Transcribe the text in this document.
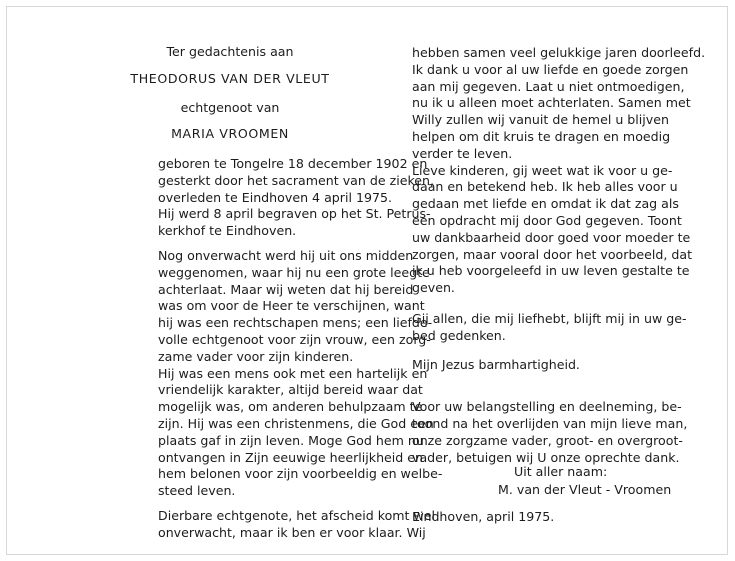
Ter gedachtenis aan
THEODORUS VAN DER VLEUT
echtgenoot van
MARIA VROOMEN
geboren te Tongelre 18 december 1902 en
gesterkt door het sacrament van de zieken,
overleden te Eindhoven 4 april 1975.
Hij werd 8 april begraven op het St. Petrus-
kerkhof te Eindhoven.
Nog onverwacht werd hij uit ons midden
weggenomen, waar hij nu een grote leegte
achterlaat. Maar wij weten dat hij bereid
was om voor de Heer te verschijnen, want
hij was een rechtschapen mens; een liefde-
volle echtgenoot voor zijn vrouw, een zorg-
zame vader voor zijn kinderen.
Hij was een mens ook met een hartelijk en
vriendelijk karakter, altijd bereid waar dat
mogelijk was, om anderen behulpzaam te
zijn. Hij was een christenmens, die God een
plaats gaf in zijn leven. Moge God hem nu
ontvangen in Zijn eeuwige heerlijkheid en
hem belonen voor zijn voorbeeldig en welbe-
steed leven.
Dierbare echtgenote, het afscheid komt wel
onverwacht, maar ik ben er voor klaar. Wij
hebben samen veel gelukkige jaren doorleefd.
Ik dank u voor al uw liefde en goede zorgen
aan mij gegeven. Laat u niet ontmoedigen,
nu ik u alleen moet achterlaten. Samen met
Willy zullen wij vanuit de hemel u blijven
helpen om dit kruis te dragen en moedig
verder te leven.
Lieve kinderen, gij weet wat ik voor u ge-
daan en betekend heb. Ik heb alles voor u
gedaan met liefde en omdat ik dat zag als
een opdracht mij door God gegeven. Toont
uw dankbaarheid door goed voor moeder te
zorgen, maar vooral door het voorbeeld, dat
ik u heb voorgeleefd in uw leven gestalte te
geven.
Gij allen, die mij liefhebt, blijft mij in uw ge-
bed gedenken.
Mijn Jezus barmhartigheid.
Voor uw belangstelling en deelneming, be-
toond na het overlijden van mijn lieve man,
onze zorgzame vader, groot- en overgroot-
vader, betuigen wij U onze oprechte dank.
Uit aller naam:
M. van der Vleut - Vroomen
Eindhoven, april 1975.
